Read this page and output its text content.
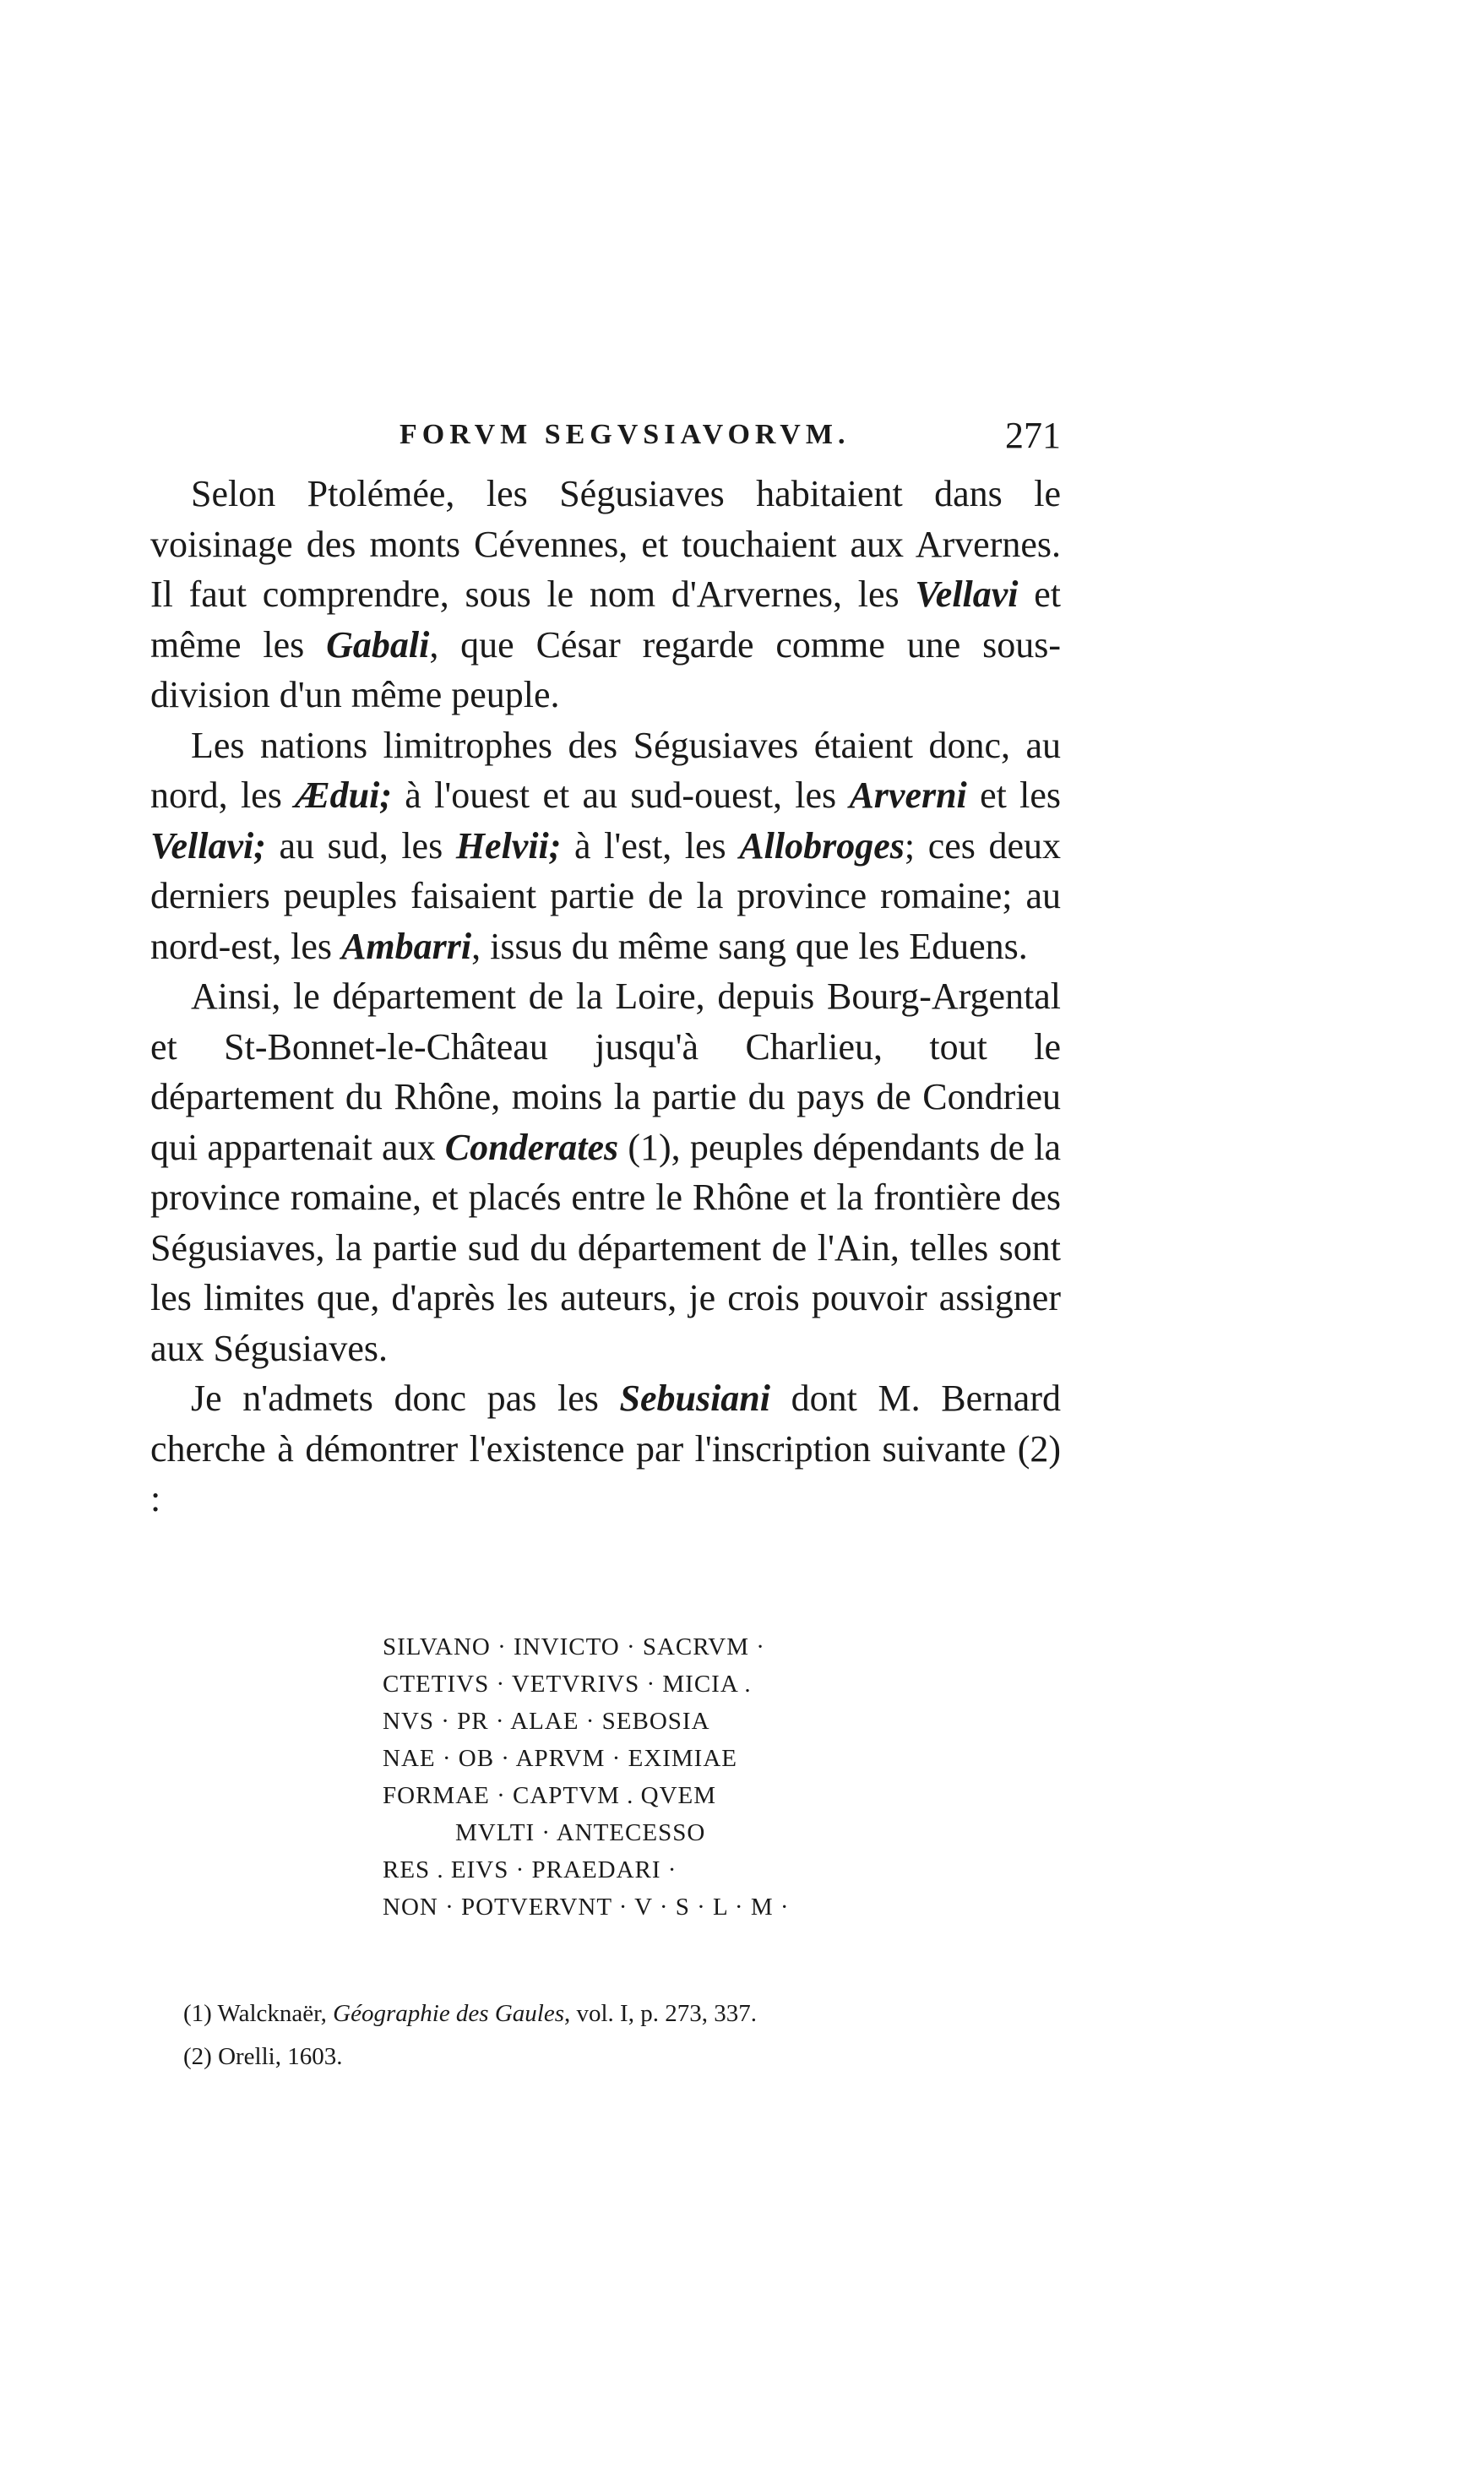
FORVM SEGVSIAVORVM.	271

Selon Ptolémée, les Ségusiaves habitaient dans le voisinage des monts Cévennes, et touchaient aux Arvernes. Il faut comprendre, sous le nom d'Arvernes, les Vellavi et même les Gabali, que César regarde comme une sous-division d'un même peuple.

Les nations limitrophes des Ségusiaves étaient donc, au nord, les Ædui; à l'ouest et au sud-ouest, les Arverni et les Vellavi; au sud, les Helvii; à l'est, les Allobroges; ces deux derniers peuples faisaient partie de la province romaine; au nord-est, les Ambarri, issus du même sang que les Eduens.

Ainsi, le département de la Loire, depuis Bourg-Argental et St-Bonnet-le-Château jusqu'à Charlieu, tout le département du Rhône, moins la partie du pays de Condrieu qui appartenait aux Conderates (1), peuples dépendants de la province romaine, et placés entre le Rhône et la frontière des Ségusiaves, la partie sud du département de l'Ain, telles sont les limites que, d'après les auteurs, je crois pouvoir assigner aux Ségusiaves.

Je n'admets donc pas les Sebusiani dont M. Bernard cherche à démontrer l'existence par l'inscription suivante (2) :

SILVANO · INVICTO · SACRVM ·
CTETIVS · VETVRIVS · MICIA .
NVS · PR · ALAE · SEBOSIA
NAE · OB · APRVM · EXIMIAE
FORMAE · CAPTVM . QVEM
MVLTI · ANTECESSO
RES . EIVS · PRAEDARI ·
NON · POTVERVNT · V · S · L · M ·
(1) Walcknaër, Géographie des Gaules, vol. I, p. 273, 337.
(2) Orelli, 1603.
